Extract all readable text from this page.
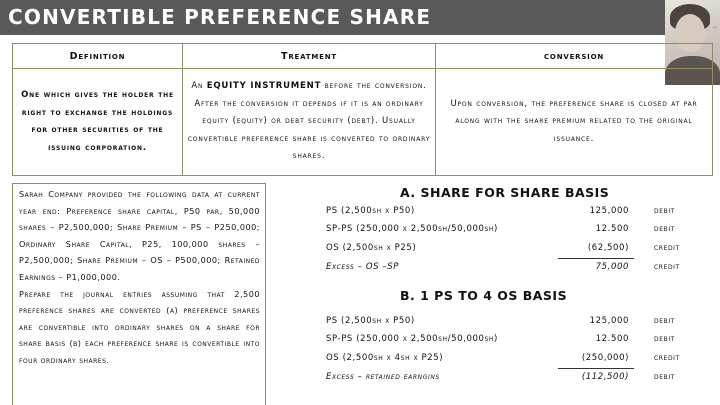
CONVERTIBLE PREFERENCE SHARE	~
Definition	Treatment	conversion
One which gives the holder the right to exchange the holdings for other securities of the issuing corporation.	An EQUITY INSTRUMENT before the conversion. After the conversion it depends if it is an ordinary equity (equity) or debt security (debt). Usually convertible preference share is converted to ordinary shares.	Upon conversion, the preference share is closed at par along with the share premium related to the original issuance.

Sarah Company provided the following data at current year end: Preference share capital, P50 par, 50,000 shares – P2,500,000; Share Premium – PS – P250,000; Ordinary Share Capital, P25, 100,000 shares – P2,500,000; Share Premium – OS – P500,000; Retained Earnings – P1,000,000.

Prepare the journal entries assuming that 2,500 preference shares are converted (a) preference shares are convertible into ordinary shares on a share for share basis (b) each preference share is convertible into four ordinary shares.

A. SHARE FOR SHARE BASIS
PS (2,500sh x P50)	125,000	debit
SP-PS (250,000 x 2,500sh/50,000sh)	12.500	debit
OS (2,500sh x P25)	(62,500)	credit
Excess – OS –SP	75,000	credit
B. 1 PS TO 4 OS BASIS
PS (2,500sh x P50)	125,000	debit
SP-PS (250,000 x 2,500sh/50,000sh)	12.500	debit
OS (2,500sh x 4sh x P25)	(250,000)	credit
Excess – retained earngins	(112,500)	debit
